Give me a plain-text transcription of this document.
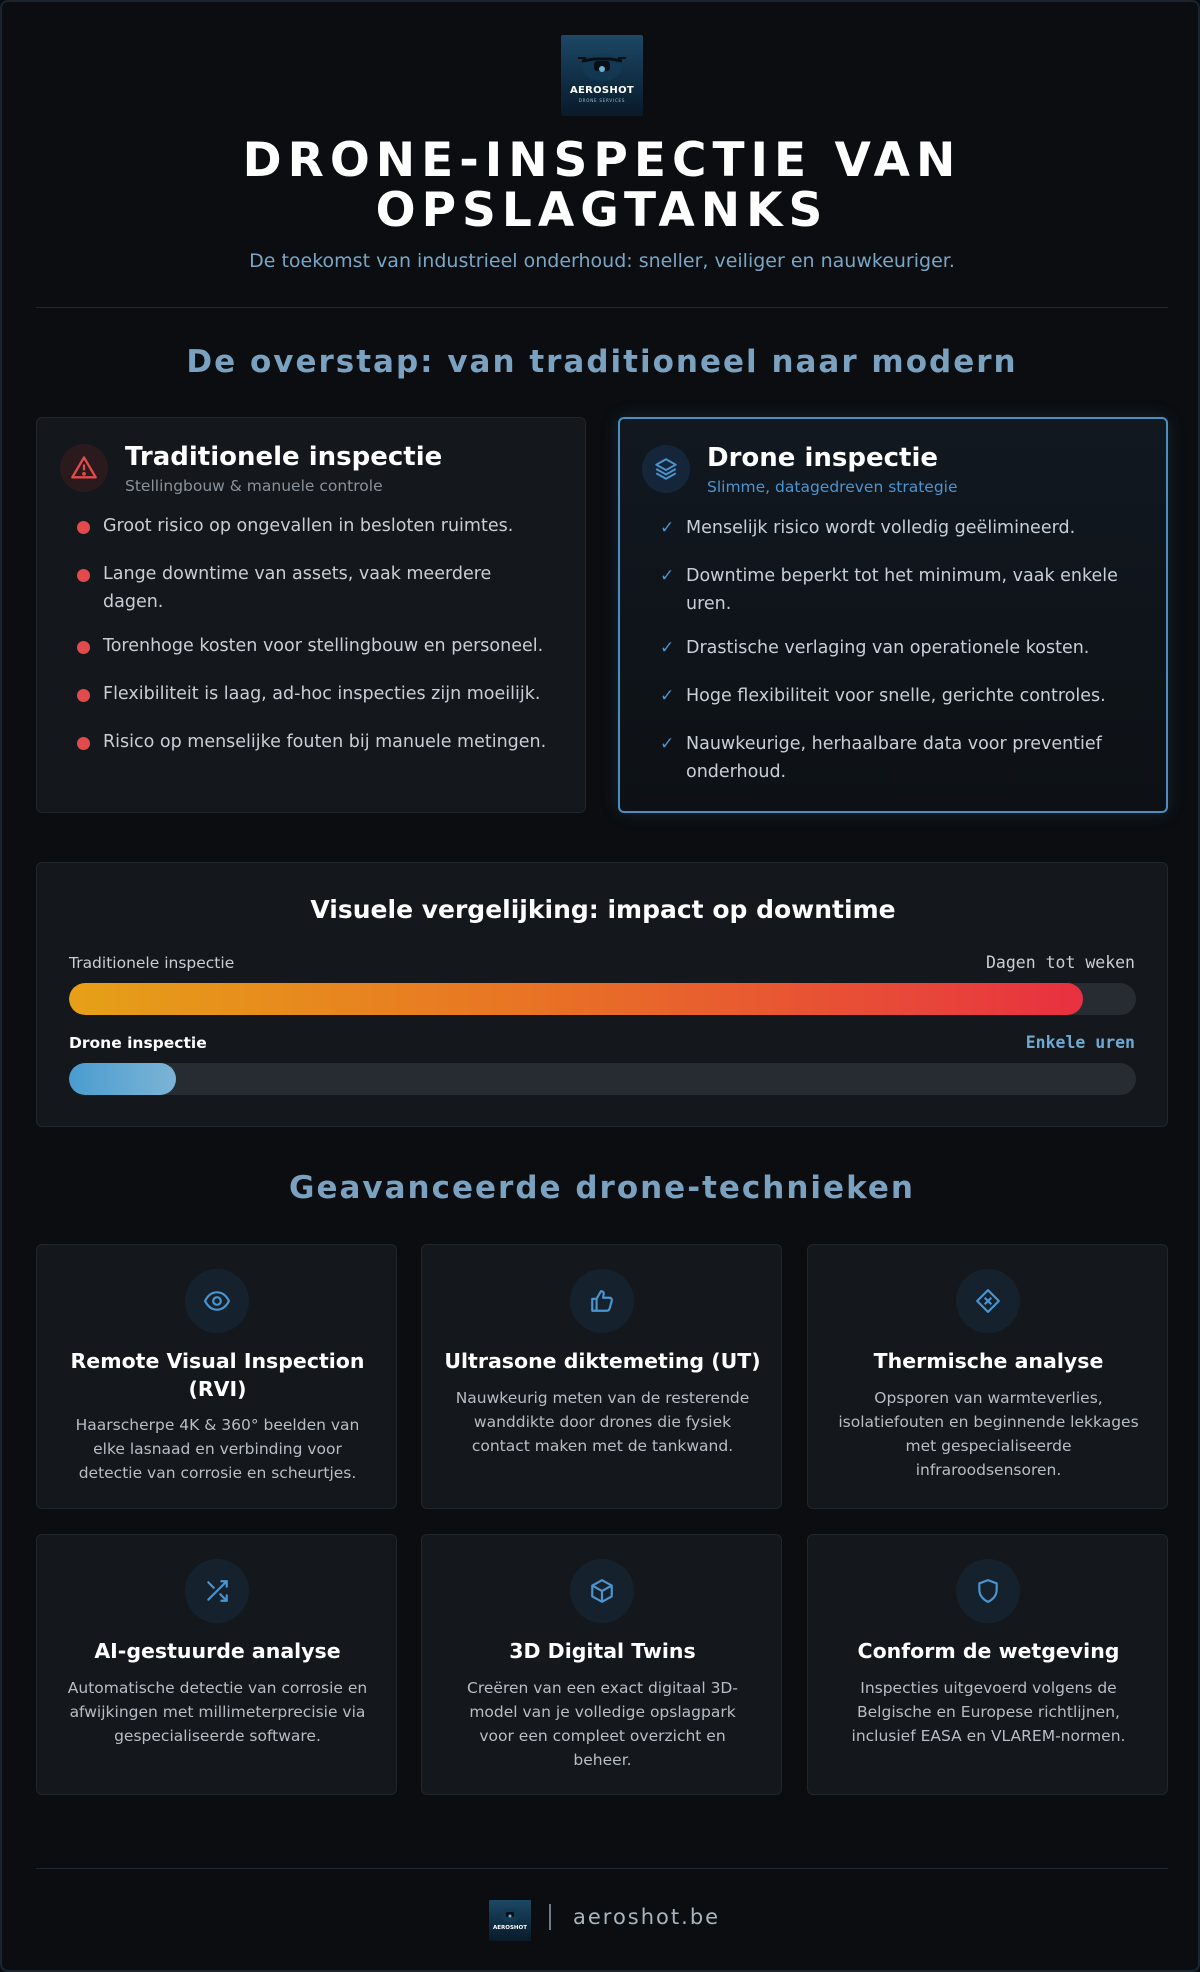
AEROSHOT
DRONE SERVICES
DRONE-INSPECTIE VAN
OPSLAGTANKS
De toekomst van industrieel onderhoud: sneller, veiliger en nauwkeuriger.
De overstap: van traditioneel naar modern
Traditionele inspectie
Stellingbouw & manuele controle
Groot risico op ongevallen in besloten ruimtes.
Lange downtime van assets, vaak meerdere
dagen.
Torenhoge kosten voor stellingbouw en personeel.
Flexibiliteit is laag, ad-hoc inspecties zijn moeilijk.
Risico op menselijke fouten bij manuele metingen.
Drone inspectie
Slimme, datagedreven strategie
✓ Menselijk risico wordt volledig geëlimineerd.
✓ Downtime beperkt tot het minimum, vaak enkele
uren.
✓ Drastische verlaging van operationele kosten.
✓ Hoge flexibiliteit voor snelle, gerichte controles.
✓ Nauwkeurige, herhaalbare data voor preventief
onderhoud.
Visuele vergelijking: impact op downtime
Traditionele inspectie	Dagen tot weken
Drone inspectie	Enkele uren
Geavanceerde drone-technieken
Remote Visual Inspection
(RVI)
Haarscherpe 4K & 360° beelden van
elke lasnaad en verbinding voor
detectie van corrosie en scheurtjes.
Ultrasone diktemeting (UT)
Nauwkeurig meten van de resterende
wanddikte door drones die fysiek
contact maken met de tankwand.
Thermische analyse
Opsporen van warmteverlies,
isolatiefouten en beginnende lekkages
met gespecialiseerde
infraroodsensoren.
AI-gestuurde analyse
Automatische detectie van corrosie en
afwijkingen met millimeterprecisie via
gespecialiseerde software.
3D Digital Twins
Creëren van een exact digitaal 3D-
model van je volledige opslagpark
voor een compleet overzicht en
beheer.
Conform de wetgeving
Inspecties uitgevoerd volgens de
Belgische en Europese richtlijnen,
inclusief EASA en VLAREM-normen.
AEROSHOT aeroshot.be
